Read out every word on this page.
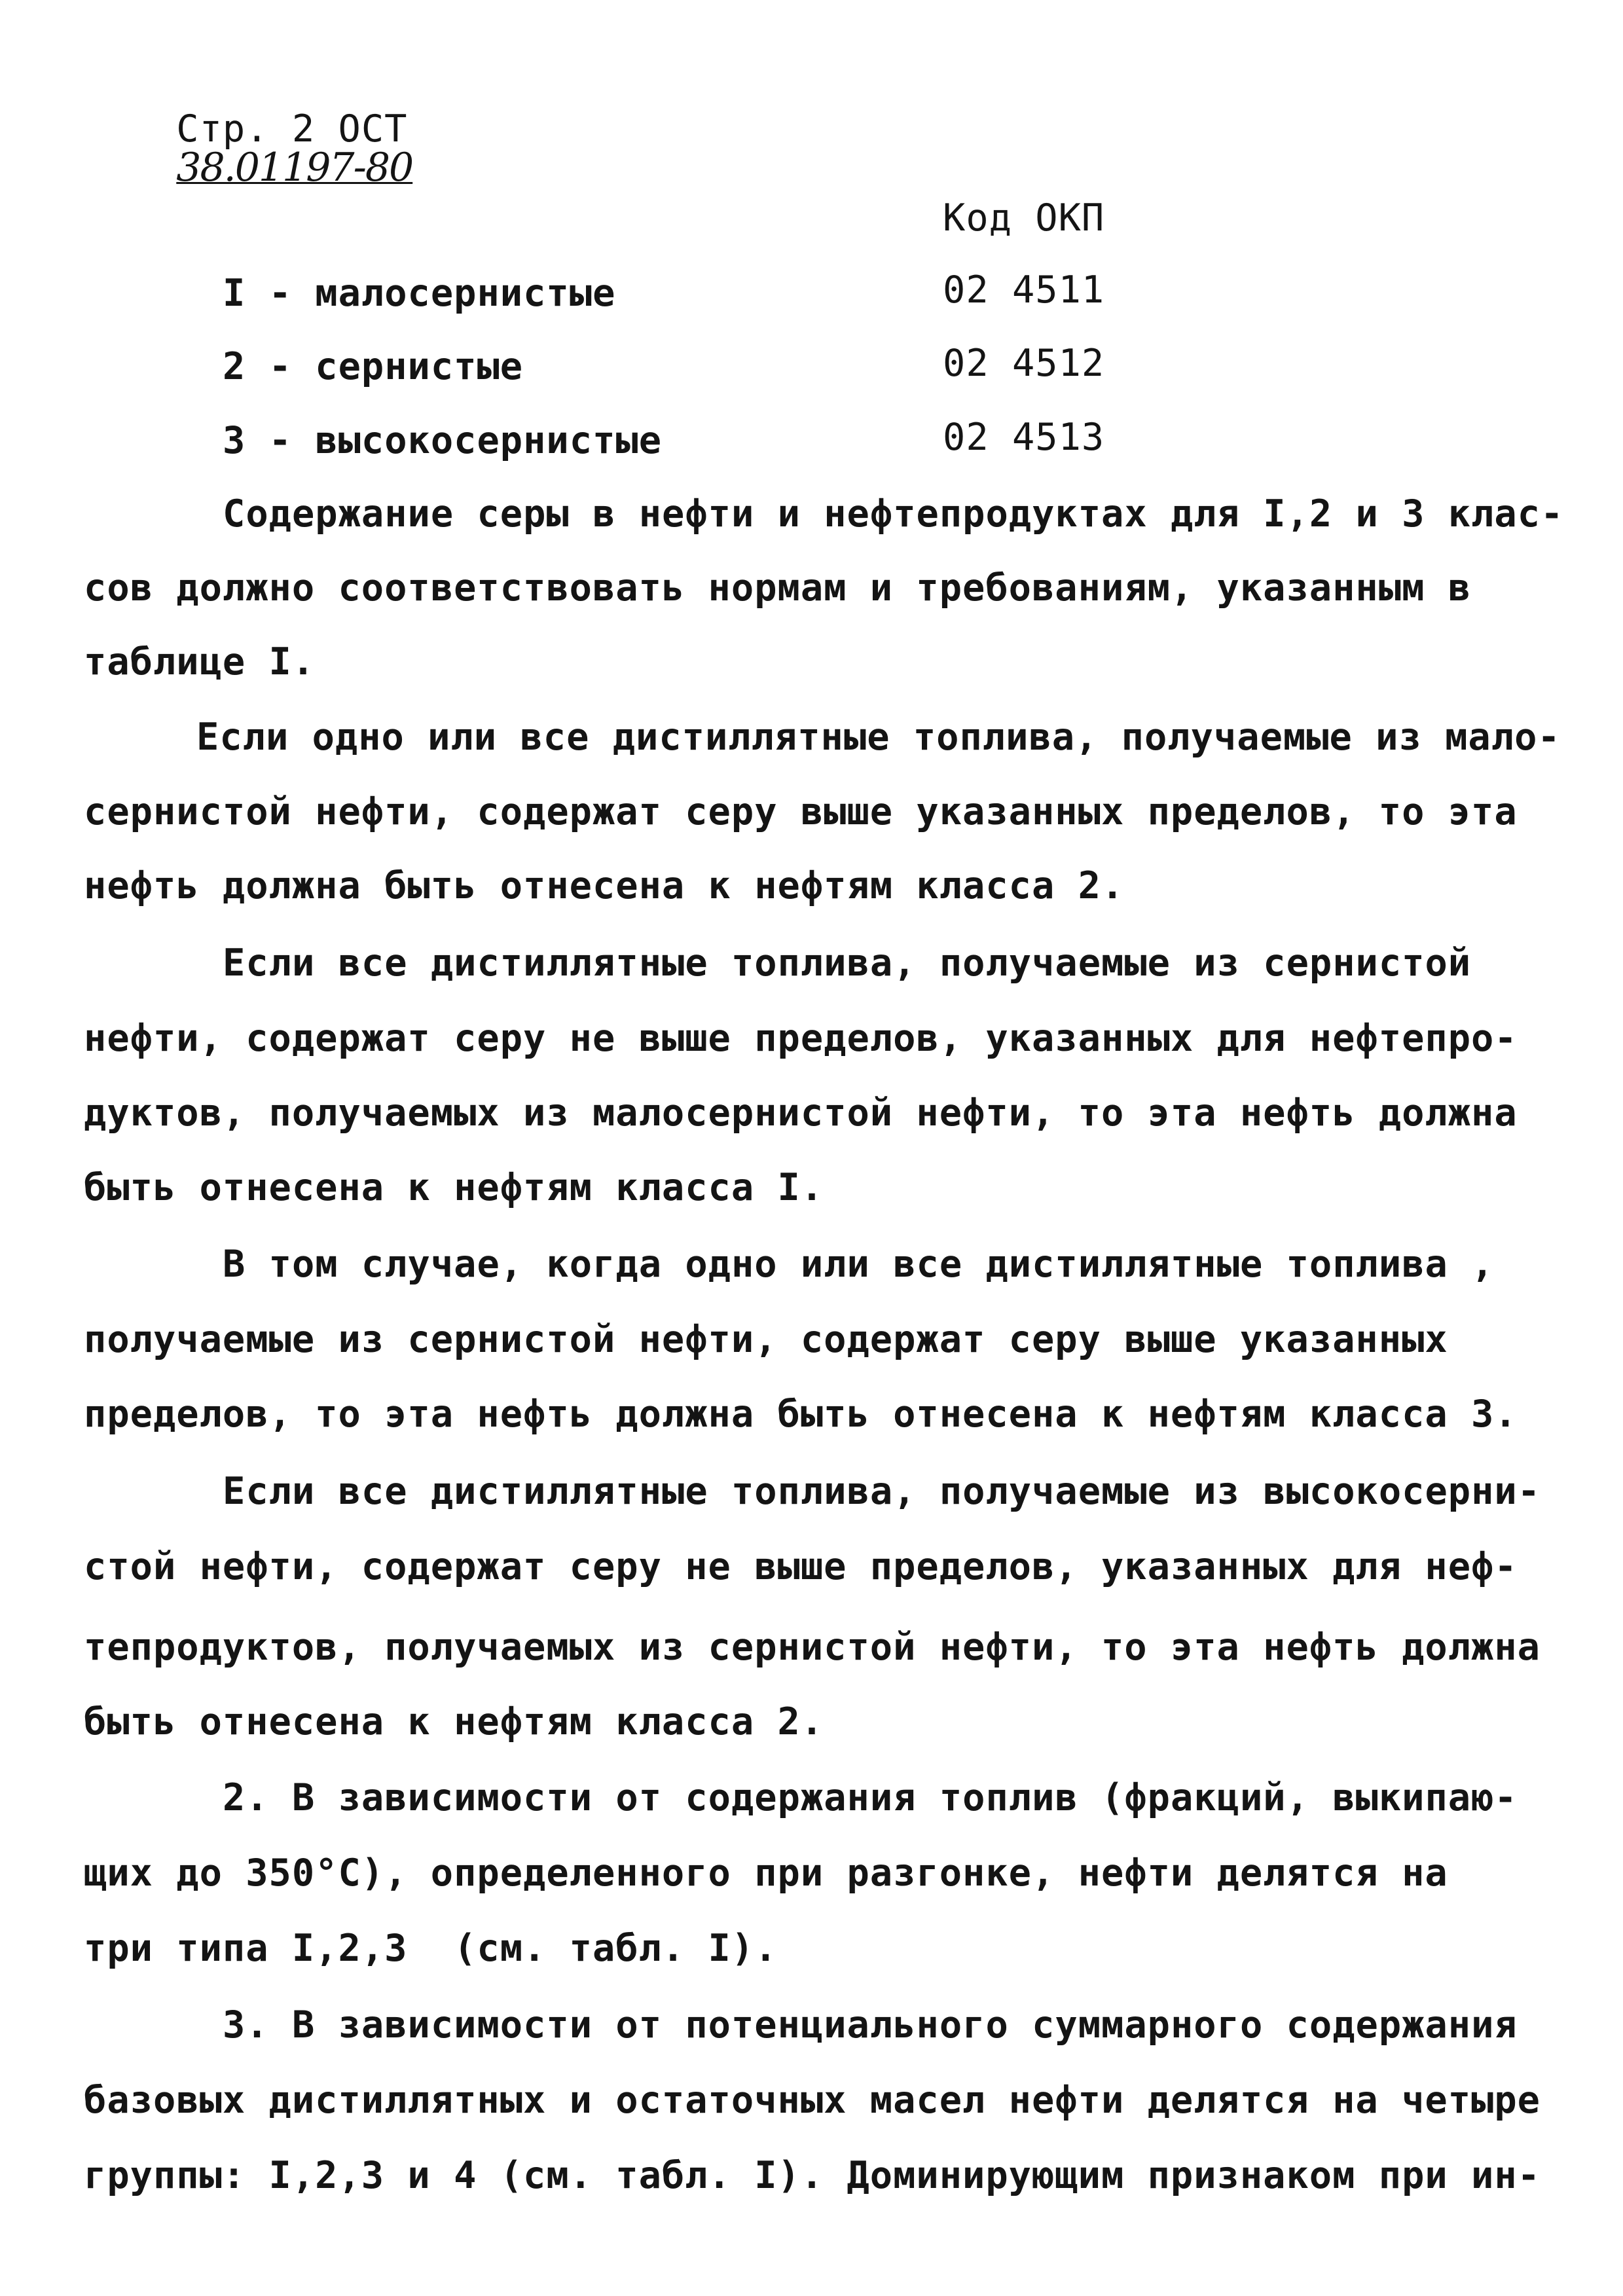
Стр. 2 ОСТ
38.01197-80

Код ОКП
I - малосернистые	02 4511
2 - сернистые	02 4512
3 - высокосернистые	02 4513
Содержание серы в нефти и нефтепродуктах для I,2 и 3 клас-
сов должно соответствовать нормам и требованиям, указанным в
таблице I.
Если одно или все дистиллятные топлива, получаемые из мало-
сернистой нефти, содержат серу выше указанных пределов, то эта
нефть должна быть отнесена к нефтям класса 2.
Если все дистиллятные топлива, получаемые из сернистой
нефти, содержат серу не выше пределов, указанных для нефтепро-
дуктов, получаемых из малосернистой нефти, то эта нефть должна
быть отнесена к нефтям класса I.
В том случае, когда одно или все дистиллятные топлива ,
получаемые из сернистой нефти, содержат серу выше указанных
пределов, то эта нефть должна быть отнесена к нефтям класса 3.
Если все дистиллятные топлива, получаемые из высокосерни-
стой нефти, содержат серу не выше пределов, указанных для неф-
тепродуктов, получаемых из сернистой нефти, то эта нефть должна
быть отнесена к нефтям класса 2.
2. В зависимости от содержания топлив (фракций, выкипаю-
щих до 350°С), определенного при разгонке, нефти делятся на
три типа I,2,3  (см. табл. I).
3. В зависимости от потенциального суммарного содержания
базовых дистиллятных и остаточных масел нефти делятся на четыре
группы: I,2,3 и 4 (см. табл. I). Доминирующим признаком при ин-
